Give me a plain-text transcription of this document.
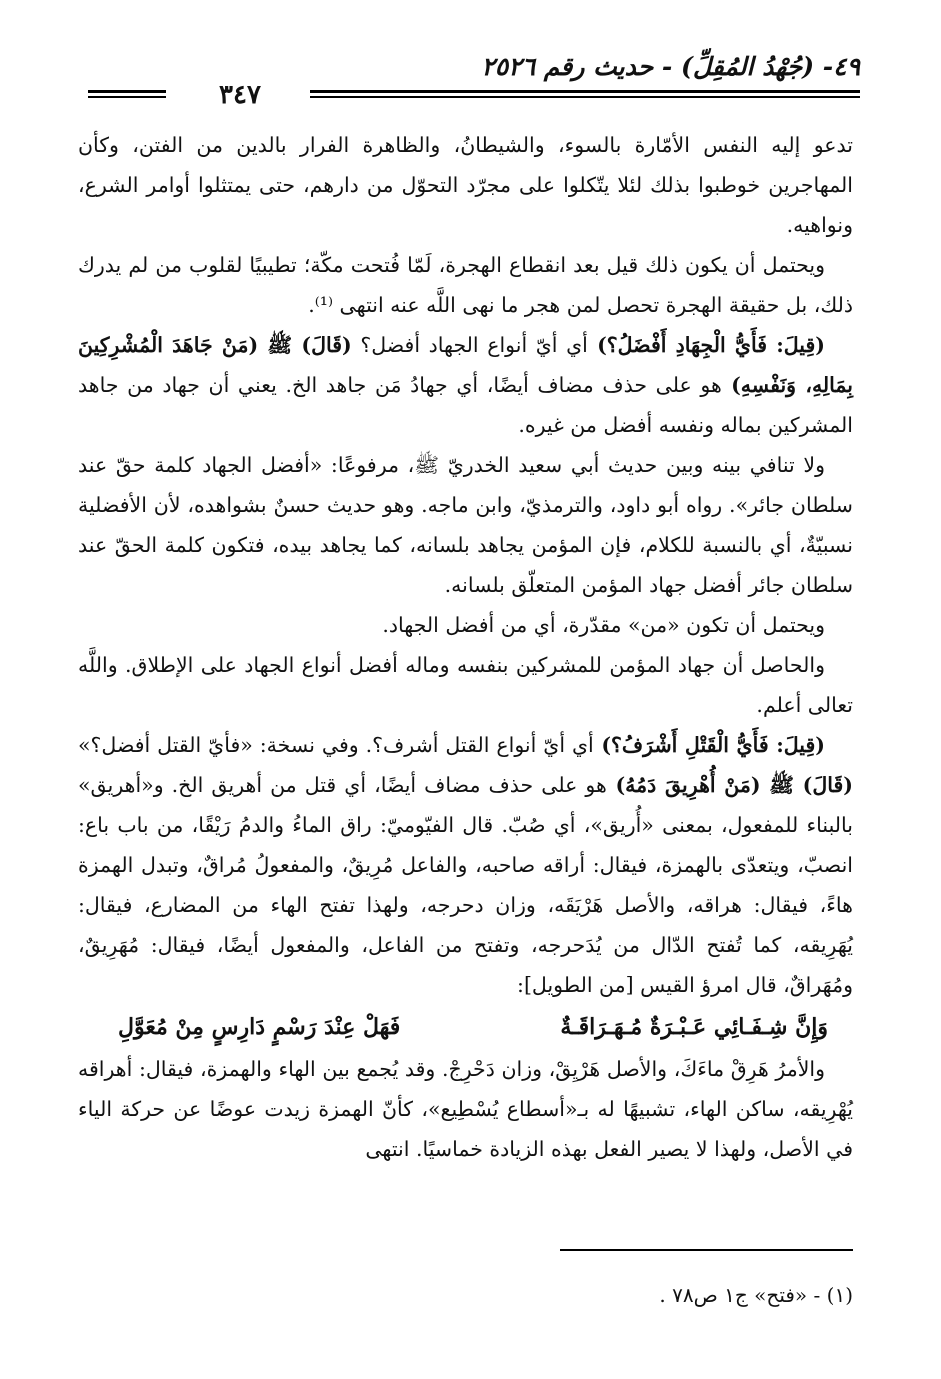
٤٩- (جُهْدُ المُقِلِّ) - حديث رقم ٢٥٢٦
٣٤٧

تدعو إليه النفس الأمّارة بالسوء، والشيطانُ، والظاهرة الفرار بالدين من الفتن، وكأن المهاجرين خوطبوا بذلك لئلا يتّكلوا على مجرّد التحوّل من دارهم، حتى يمتثلوا أوامر الشرع، ونواهيه.

ويحتمل أن يكون ذلك قيل بعد انقطاع الهجرة، لَمّا فُتحت مكّة؛ تطيبيًا لقلوب من لم يدرك ذلك، بل حقيقة الهجرة تحصل لمن هجر ما نهى اللَّه عنه انتهى ⁽¹⁾.

(قِيلَ: فَأَيُّ الْجِهَادِ أَفْضَلُ؟) أي أيّ أنواع الجهاد أفضل؟ (قَالَ) ﷺ (مَنْ جَاهَدَ الْمُشْرِكِينَ بِمَالِهِ، وَنَفْسِهِ) هو على حذف مضاف أيضًا، أي جهادُ مَن جاهد الخ. يعني أن جهاد من جاهد المشركين بماله ونفسه أفضل من غيره.

ولا تنافي بينه وبين حديث أبي سعيد الخدريّ ﷺ، مرفوعًا: «أفضل الجهاد كلمة حقّ عند سلطان جائر». رواه أبو داود، والترمذيّ، وابن ماجه. وهو حديث حسنٌ بشواهده، لأن الأفضلية نسبيّةٌ، أي بالنسبة للكلام، فإن المؤمن يجاهد بلسانه، كما يجاهد بيده، فتكون كلمة الحقّ عند سلطان جائر أفضل جهاد المؤمن المتعلّق بلسانه.

ويحتمل أن تكون «من» مقدّرة، أي من أفضل الجهاد.

والحاصل أن جهاد المؤمن للمشركين بنفسه وماله أفضل أنواع الجهاد على الإطلاق. واللَّه تعالى أعلم.

(قِيلَ: فَأَيُّ الْقَتْلِ أَشْرَفُ؟) أي أيّ أنواع القتل أشرف؟. وفي نسخة: «فأيّ القتل أفضل؟» (قَالَ) ﷺ (مَنْ أُهْرِيقَ دَمُهُ) هو على حذف مضاف أيضًا، أي قتل من أهريق الخ. و«أهريق» بالبناء للمفعول، بمعنى «أُريق»، أي صُبّ. قال الفيّوميّ: راق الماءُ والدمُ رَيْقًا، من باب باع: انصبّ، ويتعدّى بالهمزة، فيقال: أراقه صاحبه، والفاعل مُرِيقٌ، والمفعولُ مُراقٌ، وتبدل الهمزة هاءً، فيقال: هراقه، والأصل هَرْيَقَه، وزان دحرجه، ولهذا تفتح الهاء من المضارع، فيقال: يُهَرِيقه، كما تُفتح الدّال من يُدَحرجه، وتفتح من الفاعل، والمفعول أيضًا، فيقال: مُهَرِيقٌ، ومُهَراقٌ، قال امرؤ القيس [من الطويل]:

وَإِنَّ شِـفَـائِي عَـبْـرَةٌ مُـهَـرَاقَـةٌ
فَهَلْ عِنْدَ رَسْمٍ دَارِسٍ مِنْ مُعَوَّلِ

والأمرُ هَرِقْ ماءَكَ، والأصل هَرْيِقْ، وزان دَحْرِجْ. وقد يُجمع بين الهاء والهمزة، فيقال: أهراقه يُهْرِيقه، ساكن الهاء، تشبيهًا له بـ«أسطاع يُسْطِيع»، كأنّ الهمزة زيدت عوضًا عن حركة الياء في الأصل، ولهذا لا يصير الفعل بهذه الزيادة خماسيًا. انتهى

(١) - «فتح» ج١ ص٧٨ .
